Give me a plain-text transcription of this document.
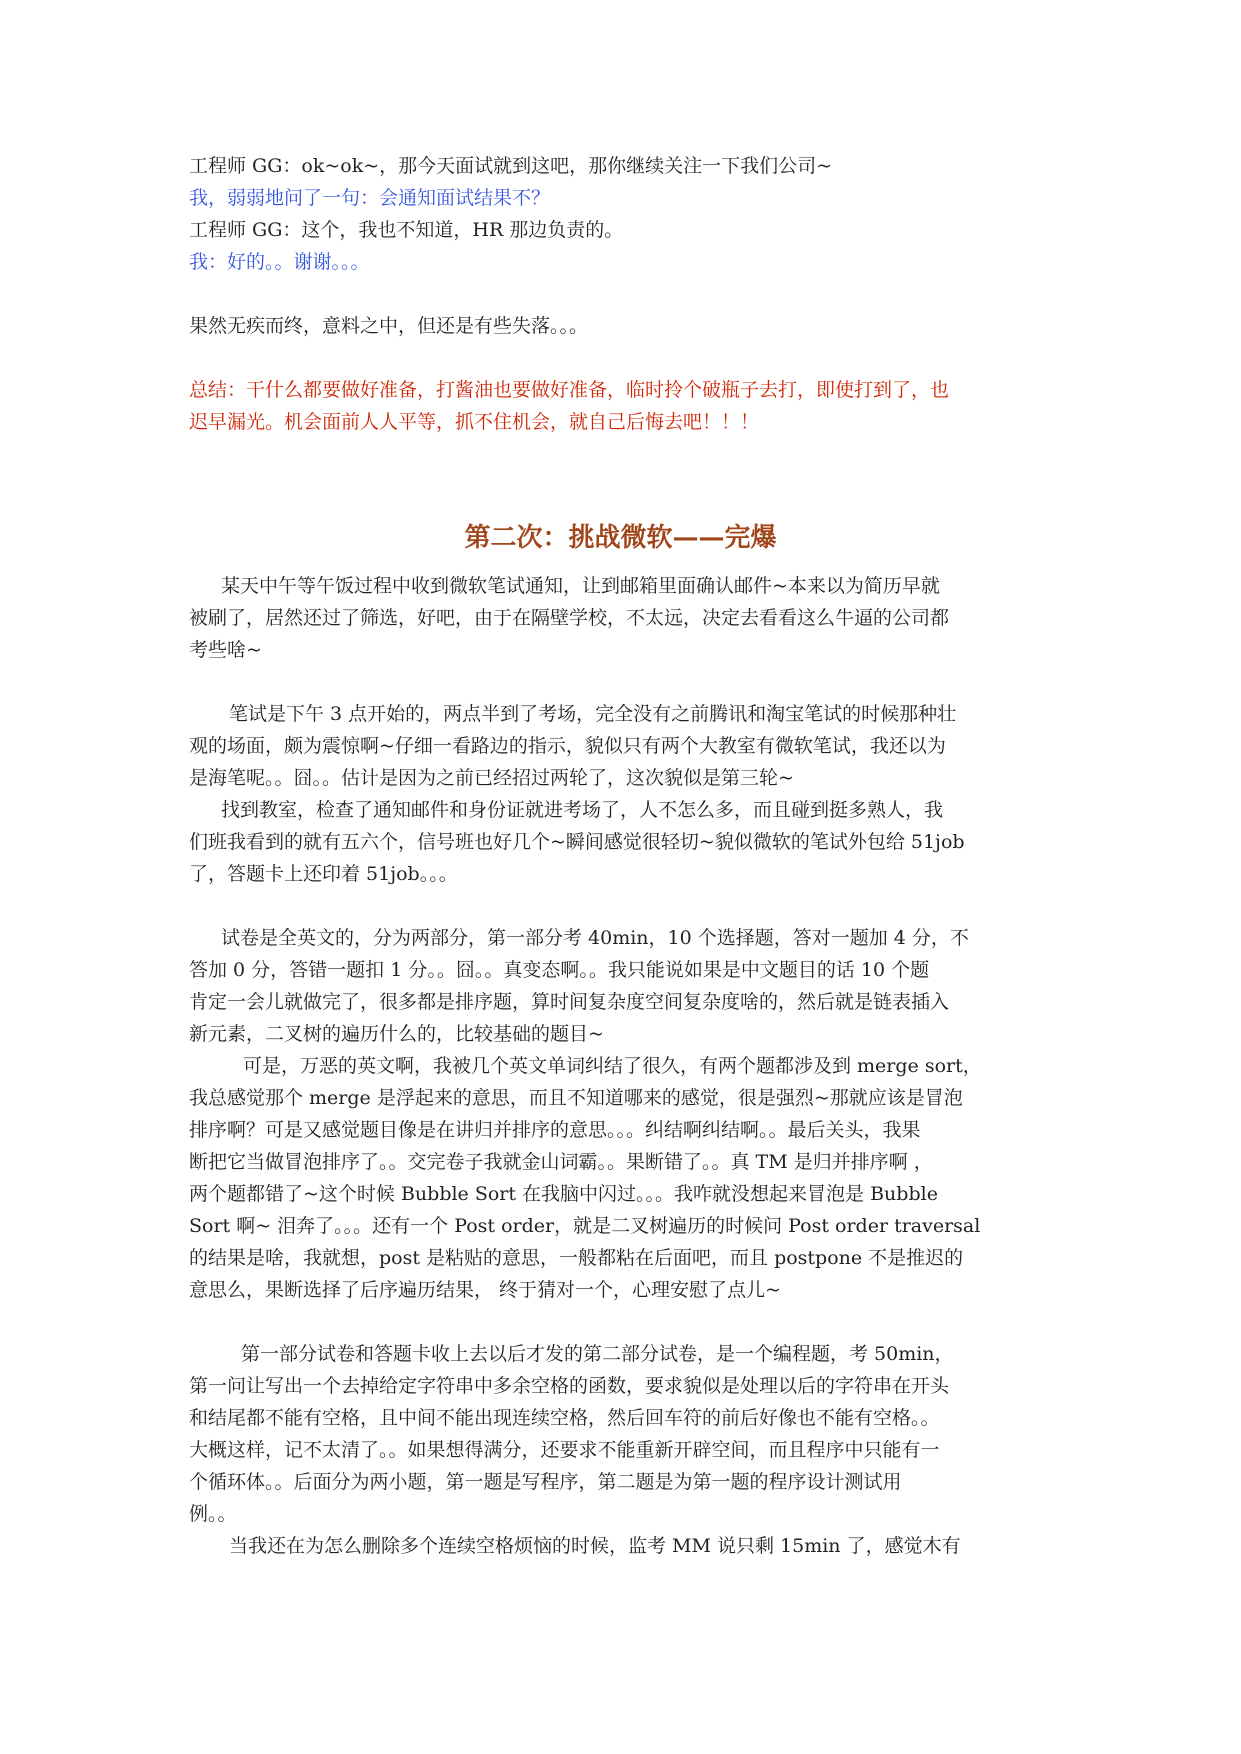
工程师 GG：ok~ok~，那今天面试就到这吧，那你继续关注一下我们公司~
我，弱弱地问了一句：会通知面试结果不？
工程师 GG：这个，我也不知道，HR 那边负责的。
我：好的。。谢谢。。。
果然无疾而终，意料之中，但还是有些失落。。。
总结：干什么都要做好准备，打酱油也要做好准备，临时拎个破瓶子去打，即使打到了，也
迟早漏光。机会面前人人平等，抓不住机会，就自己后悔去吧！！！
第二次：挑战微软——完爆
某天中午等午饭过程中收到微软笔试通知，让到邮箱里面确认邮件~本来以为简历早就
被刷了，居然还过了筛选，好吧，由于在隔壁学校，不太远，决定去看看这么牛逼的公司都
考些啥~
笔试是下午 3 点开始的，两点半到了考场，完全没有之前腾讯和淘宝笔试的时候那种壮
观的场面，颇为震惊啊~仔细一看路边的指示，貌似只有两个大教室有微软笔试，我还以为
是海笔呢。。囧。。估计是因为之前已经招过两轮了，这次貌似是第三轮~
找到教室，检查了通知邮件和身份证就进考场了，人不怎么多，而且碰到挺多熟人，我
们班我看到的就有五六个，信号班也好几个~瞬间感觉很轻切~貌似微软的笔试外包给 51job
了，答题卡上还印着 51job。。。
试卷是全英文的，分为两部分，第一部分考 40min，10 个选择题，答对一题加 4 分，不
答加 0 分，答错一题扣 1 分。。囧。。真变态啊。。我只能说如果是中文题目的话 10 个题
肯定一会儿就做完了，很多都是排序题，算时间复杂度空间复杂度啥的，然后就是链表插入
新元素，二叉树的遍历什么的，比较基础的题目~
可是，万恶的英文啊，我被几个英文单词纠结了很久，有两个题都涉及到 merge sort，
我总感觉那个 merge 是浮起来的意思，而且不知道哪来的感觉，很是强烈~那就应该是冒泡
排序啊？可是又感觉题目像是在讲归并排序的意思。。。纠结啊纠结啊。。最后关头，我果
断把它当做冒泡排序了。。交完卷子我就金山词霸。。果断错了。。真 TM 是归并排序啊 ，
两个题都错了~这个时候 Bubble Sort 在我脑中闪过。。。我咋就没想起来冒泡是 Bubble
Sort 啊~ 泪奔了。。。还有一个 Post order，就是二叉树遍历的时候问 Post order traversal
的结果是啥，我就想，post 是粘贴的意思，一般都粘在后面吧，而且 postpone 不是推迟的
意思么，果断选择了后序遍历结果， 终于猜对一个，心理安慰了点儿~
第一部分试卷和答题卡收上去以后才发的第二部分试卷，是一个编程题，考 50min，
第一问让写出一个去掉给定字符串中多余空格的函数，要求貌似是处理以后的字符串在开头
和结尾都不能有空格，且中间不能出现连续空格，然后回车符的前后好像也不能有空格。。
大概这样，记不太清了。。如果想得满分，还要求不能重新开辟空间，而且程序中只能有一
个循环体。。后面分为两小题，第一题是写程序，第二题是为第一题的程序设计测试用
例。。
当我还在为怎么删除多个连续空格烦恼的时候，监考 MM 说只剩 15min 了，感觉木有
